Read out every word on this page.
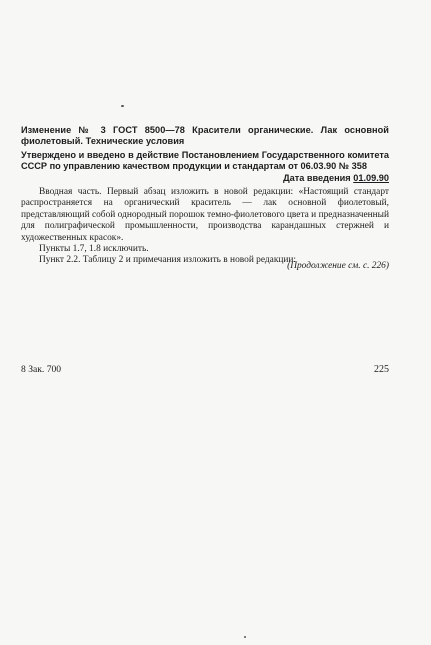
Изменение № 3 ГОСТ 8500—78 Красители органические. Лак основной фиолетовый. Технические условия
Утверждено и введено в действие Постановлением Государственного комитета СССР по управлению качеством продукции и стандартам от 06.03.90 № 358
Дата введения 01.09.90

Вводная часть. Первый абзац изложить в новой редакции: «Настоящий стандарт распространяется на органический краситель — лак основной фиолетовый, представляющий собой однородный порошок темно-фиолетового цвета и предназначенный для полиграфической промышленности, производства карандашных стержней и художественных красок».

Пункты 1.7, 1.8 исключить.

Пункт 2.2. Таблицу 2 и примечания изложить в новой редакции:

(Продолжение см. с. 226)
8 Зак. 700	225
